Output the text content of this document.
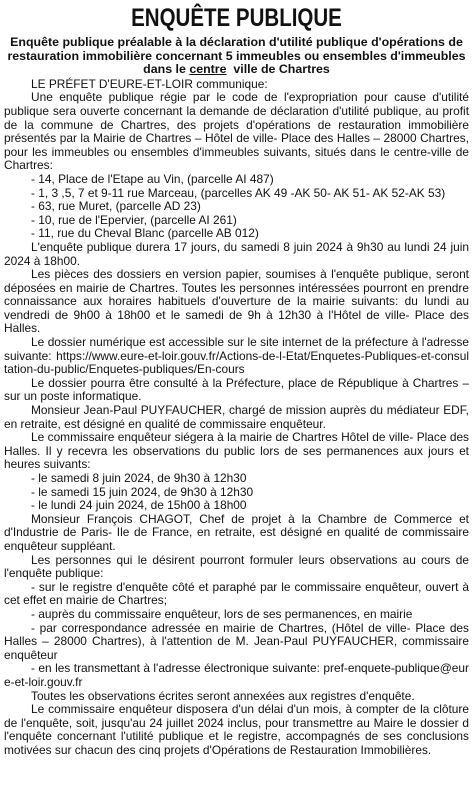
ENQUÊTE PUBLIQUE
Enquête publique préalable à la déclaration d'utilité publique d'opérations de restauration immobilière concernant 5 immeubles ou ensembles d'immeubles dans le centre ville de Chartres

LE PRÉFET D'EURE-ET-LOIR communique:

Une enquête publique régie par le code de l'expropriation pour cause d'utilité publique sera ouverte concernant la demande de déclaration d'utilité publique, au profit de la commune de Chartres, des projets d'opérations de restauration immobilière présentés par la Mairie de Chartres – Hôtel de ville- Place des Halles – 28000 Chartres, pour les immeubles ou ensembles d'immeubles suivants, situés dans le centre-ville de Chartres:

- 14, Place de l'Etape au Vin, (parcelle AI 487)
- 1, 3 ,5, 7 et 9-11 rue Marceau, (parcelles AK 49 -AK 50- AK 51- AK 52-AK 53)
- 63, rue Muret, (parcelle AD 23)
- 10, rue de l'Epervier, (parcelle AI 261)
- 11, rue du Cheval Blanc (parcelle AB 012)

L'enquête publique durera 17 jours, du samedi 8 juin 2024 à 9h30 au lundi 24 juin 2024 à 18h00.

Les pièces des dossiers en version papier, soumises à l'enquête publique, seront déposées en mairie de Chartres. Toutes les personnes intéressées pourront en prendre connaissance aux horaires habituels d'ouverture de la mairie suivants: du lundi au vendredi de 9h00 à 18h00 et le samedi de 9h à 12h30 à l'Hôtel de ville- Place des Halles.

Le dossier numérique est accessible sur le site internet de la préfecture à l'adresse suivante: https://www.eure-et-loir.gouv.fr/Actions-de-l-Etat/Enquetes-Publiques-et-consultation-du-public/Enquetes-publiques/En-cours

Le dossier pourra être consulté à la Préfecture, place de République à Chartres – sur un poste informatique.

Monsieur Jean-Paul PUYFAUCHER, chargé de mission auprès du médiateur EDF, en retraite, est désigné en qualité de commissaire enquêteur.

Le commissaire enquêteur siégera à la mairie de Chartres Hôtel de ville- Place des Halles. Il y recevra les observations du public lors de ses permanences aux jours et heures suivants:

- le samedi 8 juin 2024, de 9h30 à 12h30
- le samedi 15 juin 2024, de 9h30 à 12h30
- le lundi 24 juin 2024, de 15h00 à 18h00

Monsieur François CHAGOT, Chef de projet à la Chambre de Commerce et d'Industrie de Paris- Ile de France, en retraite, est désigné en qualité de commissaire enquêteur suppléant.

Les personnes qui le désirent pourront formuler leurs observations au cours de l'enquête publique:

- sur le registre d'enquête côté et paraphé par le commissaire enquêteur, ouvert à cet effet en mairie de Chartres;

- auprès du commissaire enquêteur, lors de ses permanences, en mairie

- par correspondance adressée en mairie de Chartres, (Hôtel de ville- Place des Halles – 28000 Chartres), à l'attention de M. Jean-Paul PUYFAUCHER, commissaire enquêteur

- en les transmettant à l'adresse électronique suivante: pref-enquete-publique@eure-et-loir.gouv.fr

Toutes les observations écrites seront annexées aux registres d'enquête.

Le commissaire enquêteur disposera d'un délai d'un mois, à compter de la clôture de l'enquête, soit, jusqu'au 24 juillet 2024 inclus, pour transmettre au Maire le dossier d l'enquête concernant l'utilité publique et le registre, accompagnés de ses conclusions motivées sur chacun des cinq projets d'Opérations de Restauration Immobilières.
